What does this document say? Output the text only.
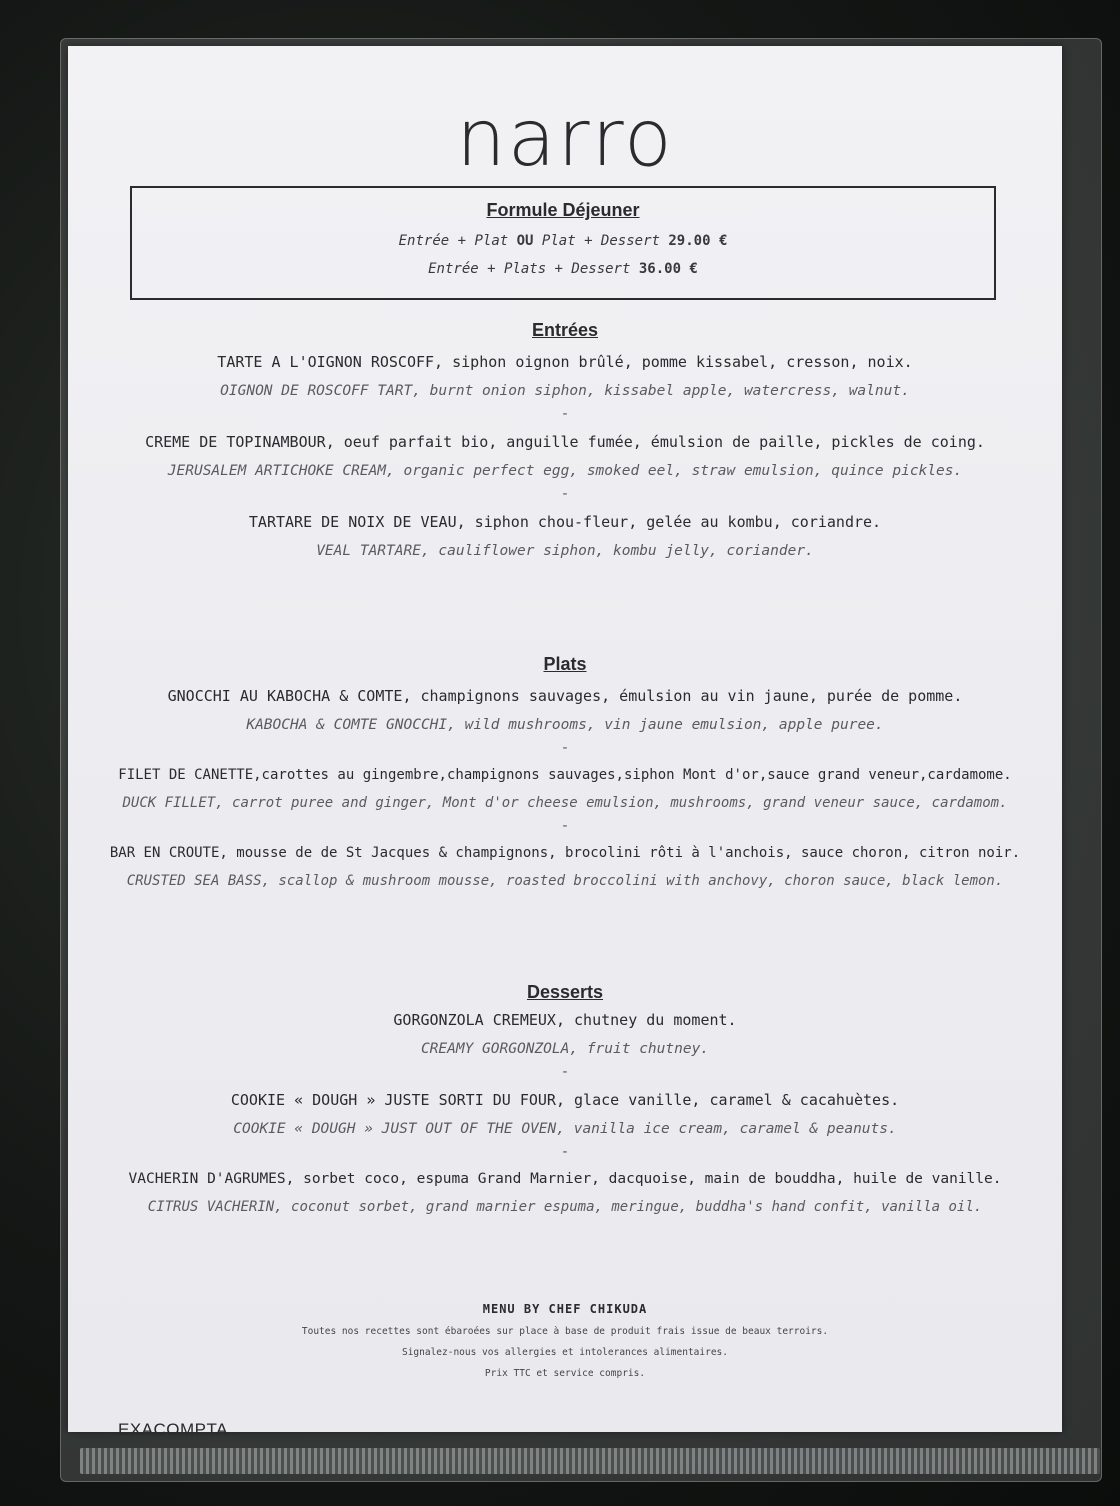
narro
Formule Déjeuner
Entrée + Plat OU Plat + Dessert 29.00 €
Entrée + Plats + Dessert 36.00 €
Entrées
TARTE A L'OIGNON ROSCOFF, siphon oignon brûlé, pomme kissabel, cresson, noix.
OIGNON DE ROSCOFF TART, burnt onion siphon, kissabel apple, watercress, walnut.
-
CREME DE TOPINAMBOUR, oeuf parfait bio, anguille fumée, émulsion de paille, pickles de coing.
JERUSALEM ARTICHOKE CREAM, organic perfect egg, smoked eel, straw emulsion, quince pickles.
-
TARTARE DE NOIX DE VEAU, siphon chou-fleur, gelée au kombu, coriandre.
VEAL TARTARE, cauliflower siphon, kombu jelly, coriander.
Plats
GNOCCHI AU KABOCHA & COMTE, champignons sauvages, émulsion au vin jaune, purée de pomme.
KABOCHA & COMTE GNOCCHI, wild mushrooms, vin jaune emulsion, apple puree.
-
FILET DE CANETTE,carottes au gingembre,champignons sauvages,siphon Mont d'or,sauce grand veneur,cardamome.
DUCK FILLET, carrot puree and ginger, Mont d'or cheese emulsion, mushrooms, grand veneur sauce, cardamom.
-
BAR EN CROUTE, mousse de de St Jacques & champignons, brocolini rôti à l'anchois, sauce choron, citron noir.
CRUSTED SEA BASS, scallop & mushroom mousse, roasted broccolini with anchovy, choron sauce, black lemon.
Desserts
GORGONZOLA CREMEUX, chutney du moment.
CREAMY GORGONZOLA, fruit chutney.
-
COOKIE « DOUGH » JUSTE SORTI DU FOUR, glace vanille, caramel & cacahuètes.
COOKIE « DOUGH » JUST OUT OF THE OVEN, vanilla ice cream, caramel & peanuts.
-
VACHERIN D'AGRUMES, sorbet coco, espuma Grand Marnier, dacquoise, main de bouddha, huile de vanille.
CITRUS VACHERIN, coconut sorbet, grand marnier espuma, meringue, buddha's hand confit, vanilla oil.
MENU BY CHEF CHIKUDA
Toutes nos recettes sont ébaroées sur place à base de produit frais issue de beaux terroirs.
Signalez-nous vos allergies et intolerances alimentaires.
Prix TTC et service compris.
EXACOMPTA
